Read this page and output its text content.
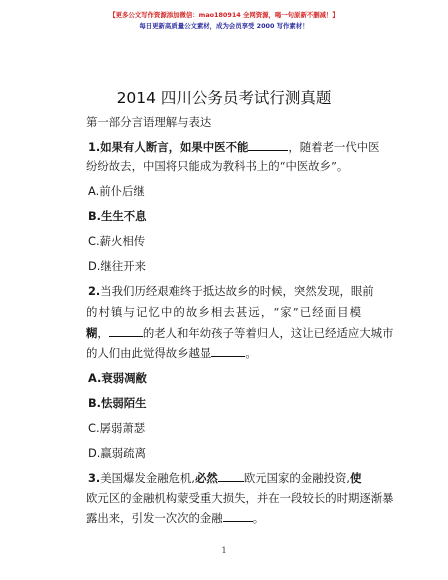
【更多公文写作资源添加微信：mao180914 全网资源，喝一句原新不删减！】
每日更新高质量公文素材，成为会员享受 2000 写作素材！
2014 四川公务员考试行测真题
第一部分言语理解与表达
1.如果有人断言，如果中医不能	，随着老一代中医
纷纷故去，中国将只能成为教科书上的“中医故乡”。
A.前仆后继
B.生生不息
C.薪火相传
D.继往开来
2.当我们历经艰难终于抵达故乡的时候，突然发现，眼前
的村镇与记忆中的故乡相去甚远，“家”已经面目模
糊，	的老人和年幼孩子等着归人，这让已经适应大城市
的人们由此觉得故乡越显	。
A.衰弱凋敝
B.怯弱陌生
C.孱弱萧瑟
D.赢弱疏离
3.美国爆发金融危机,必然 欧元国家的金融投资,使
欧元区的金融机构蒙受重大损失，并在一段较长的时期逐渐暴
露出来，引发一次次的金融	。
1
